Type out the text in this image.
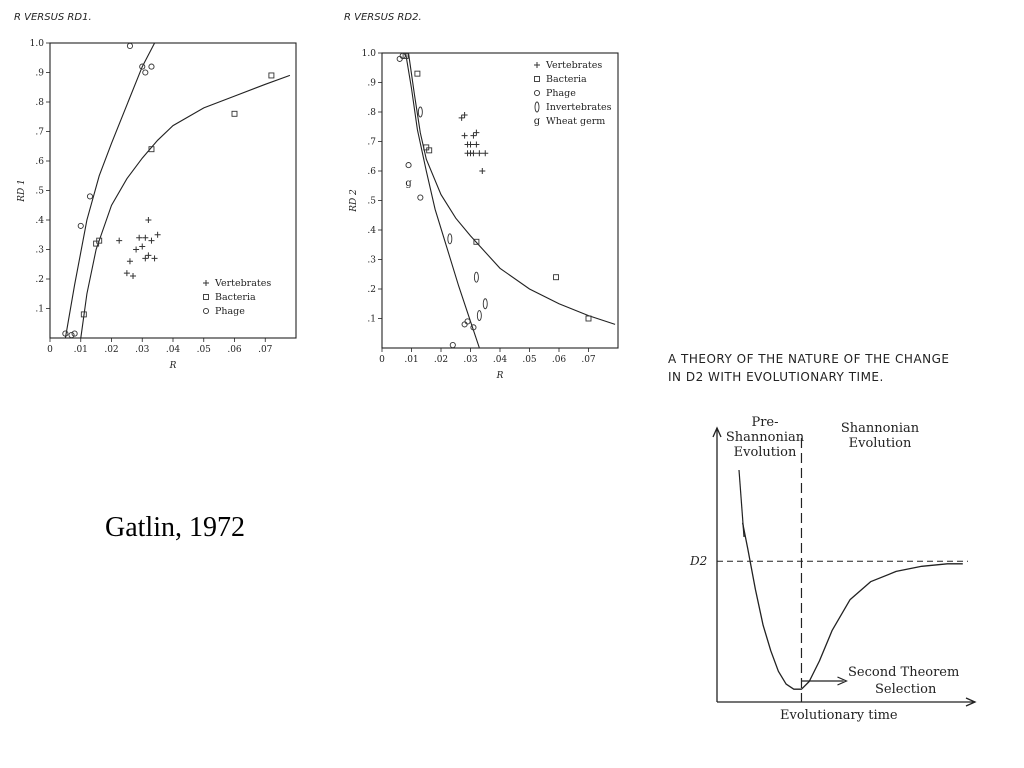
R VERSUS RD1.
0 .01 .02 .03 .04 .05 .06 .07
.1
.2
.3
.4
.5
.6
.7
.8
.9
1.0
R
RD 1
Vertebrates
Bacteria
Phage
R VERSUS RD2.
0 .01 .02 .03 .04 .05 .06 .07
.1
.2
.3
.4
.5
.6
.7
.8
.9
1.0
R
RD 2
g
Vertebrates
Bacteria
Phage
Invertebrates
g Wheat germ
Gatlin, 1972
A THEORY OF THE NATURE OF THE CHANGE
IN D2 WITH EVOLUTIONARY TIME.
D2
Pre-
Shannonian
Evolution
Shannonian
Evolution
Second Theorem
Selection
Evolutionary time
